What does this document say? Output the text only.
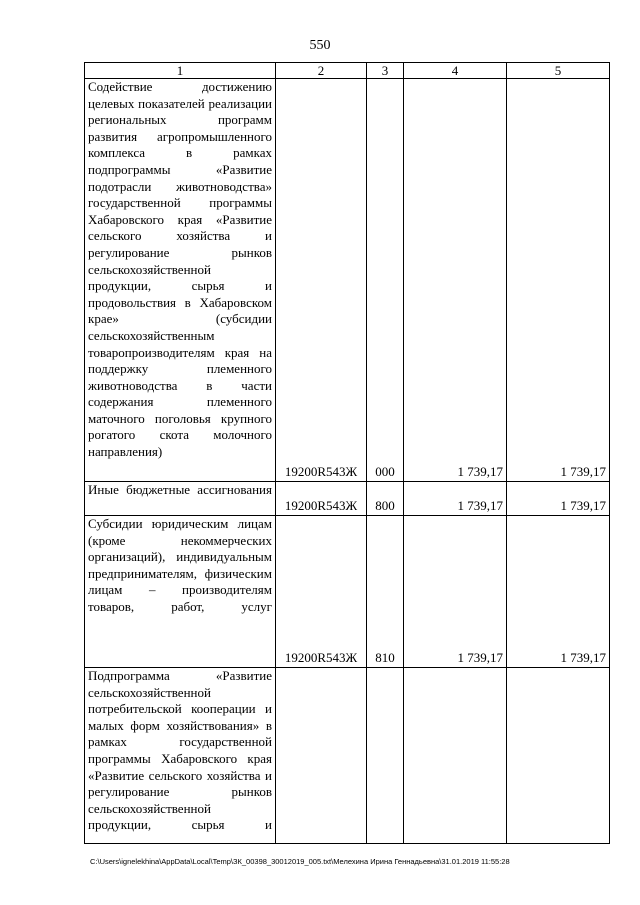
550
1	2	3	4	5
Содействие достижению целевых показателей реализации региональных программ развития агропромышленного комплекса в рамках подпрограммы «Развитие подотрасли животноводства» государственной программы Хабаровского края «Развитие сельского хозяйства и регулирование рынков сельскохозяйственной продукции, сырья и продовольствия в Хабаровском крае» (субсидии сельскохозяйственным товаропроизводителям края на поддержку племенного животноводства в части содержания племенного маточного поголовья крупного рогатого скота молочного направления)	19200R543Ж	000	1 739,17	1 739,17
Иные бюджетные ассигнования	19200R543Ж	800	1 739,17	1 739,17
Субсидии юридическим лицам (кроме некоммерческих организаций), индивидуальным предпринимателям, физическим лицам – производителям товаров, работ, услуг	19200R543Ж	810	1 739,17	1 739,17
Подпрограмма «Развитие сельскохозяйственной потребительской кооперации и малых форм хозяйствования» в рамках государственной программы Хабаровского края «Развитие сельского хозяйства и регулирование рынков сельскохозяйственной продукции, сырья и				
C:\Users\ignelekhina\AppData\Local\Temp\ЗК_00398_30012019_005.txt\Мелехина Ирина Геннадьевна\31.01.2019 11:55:28
